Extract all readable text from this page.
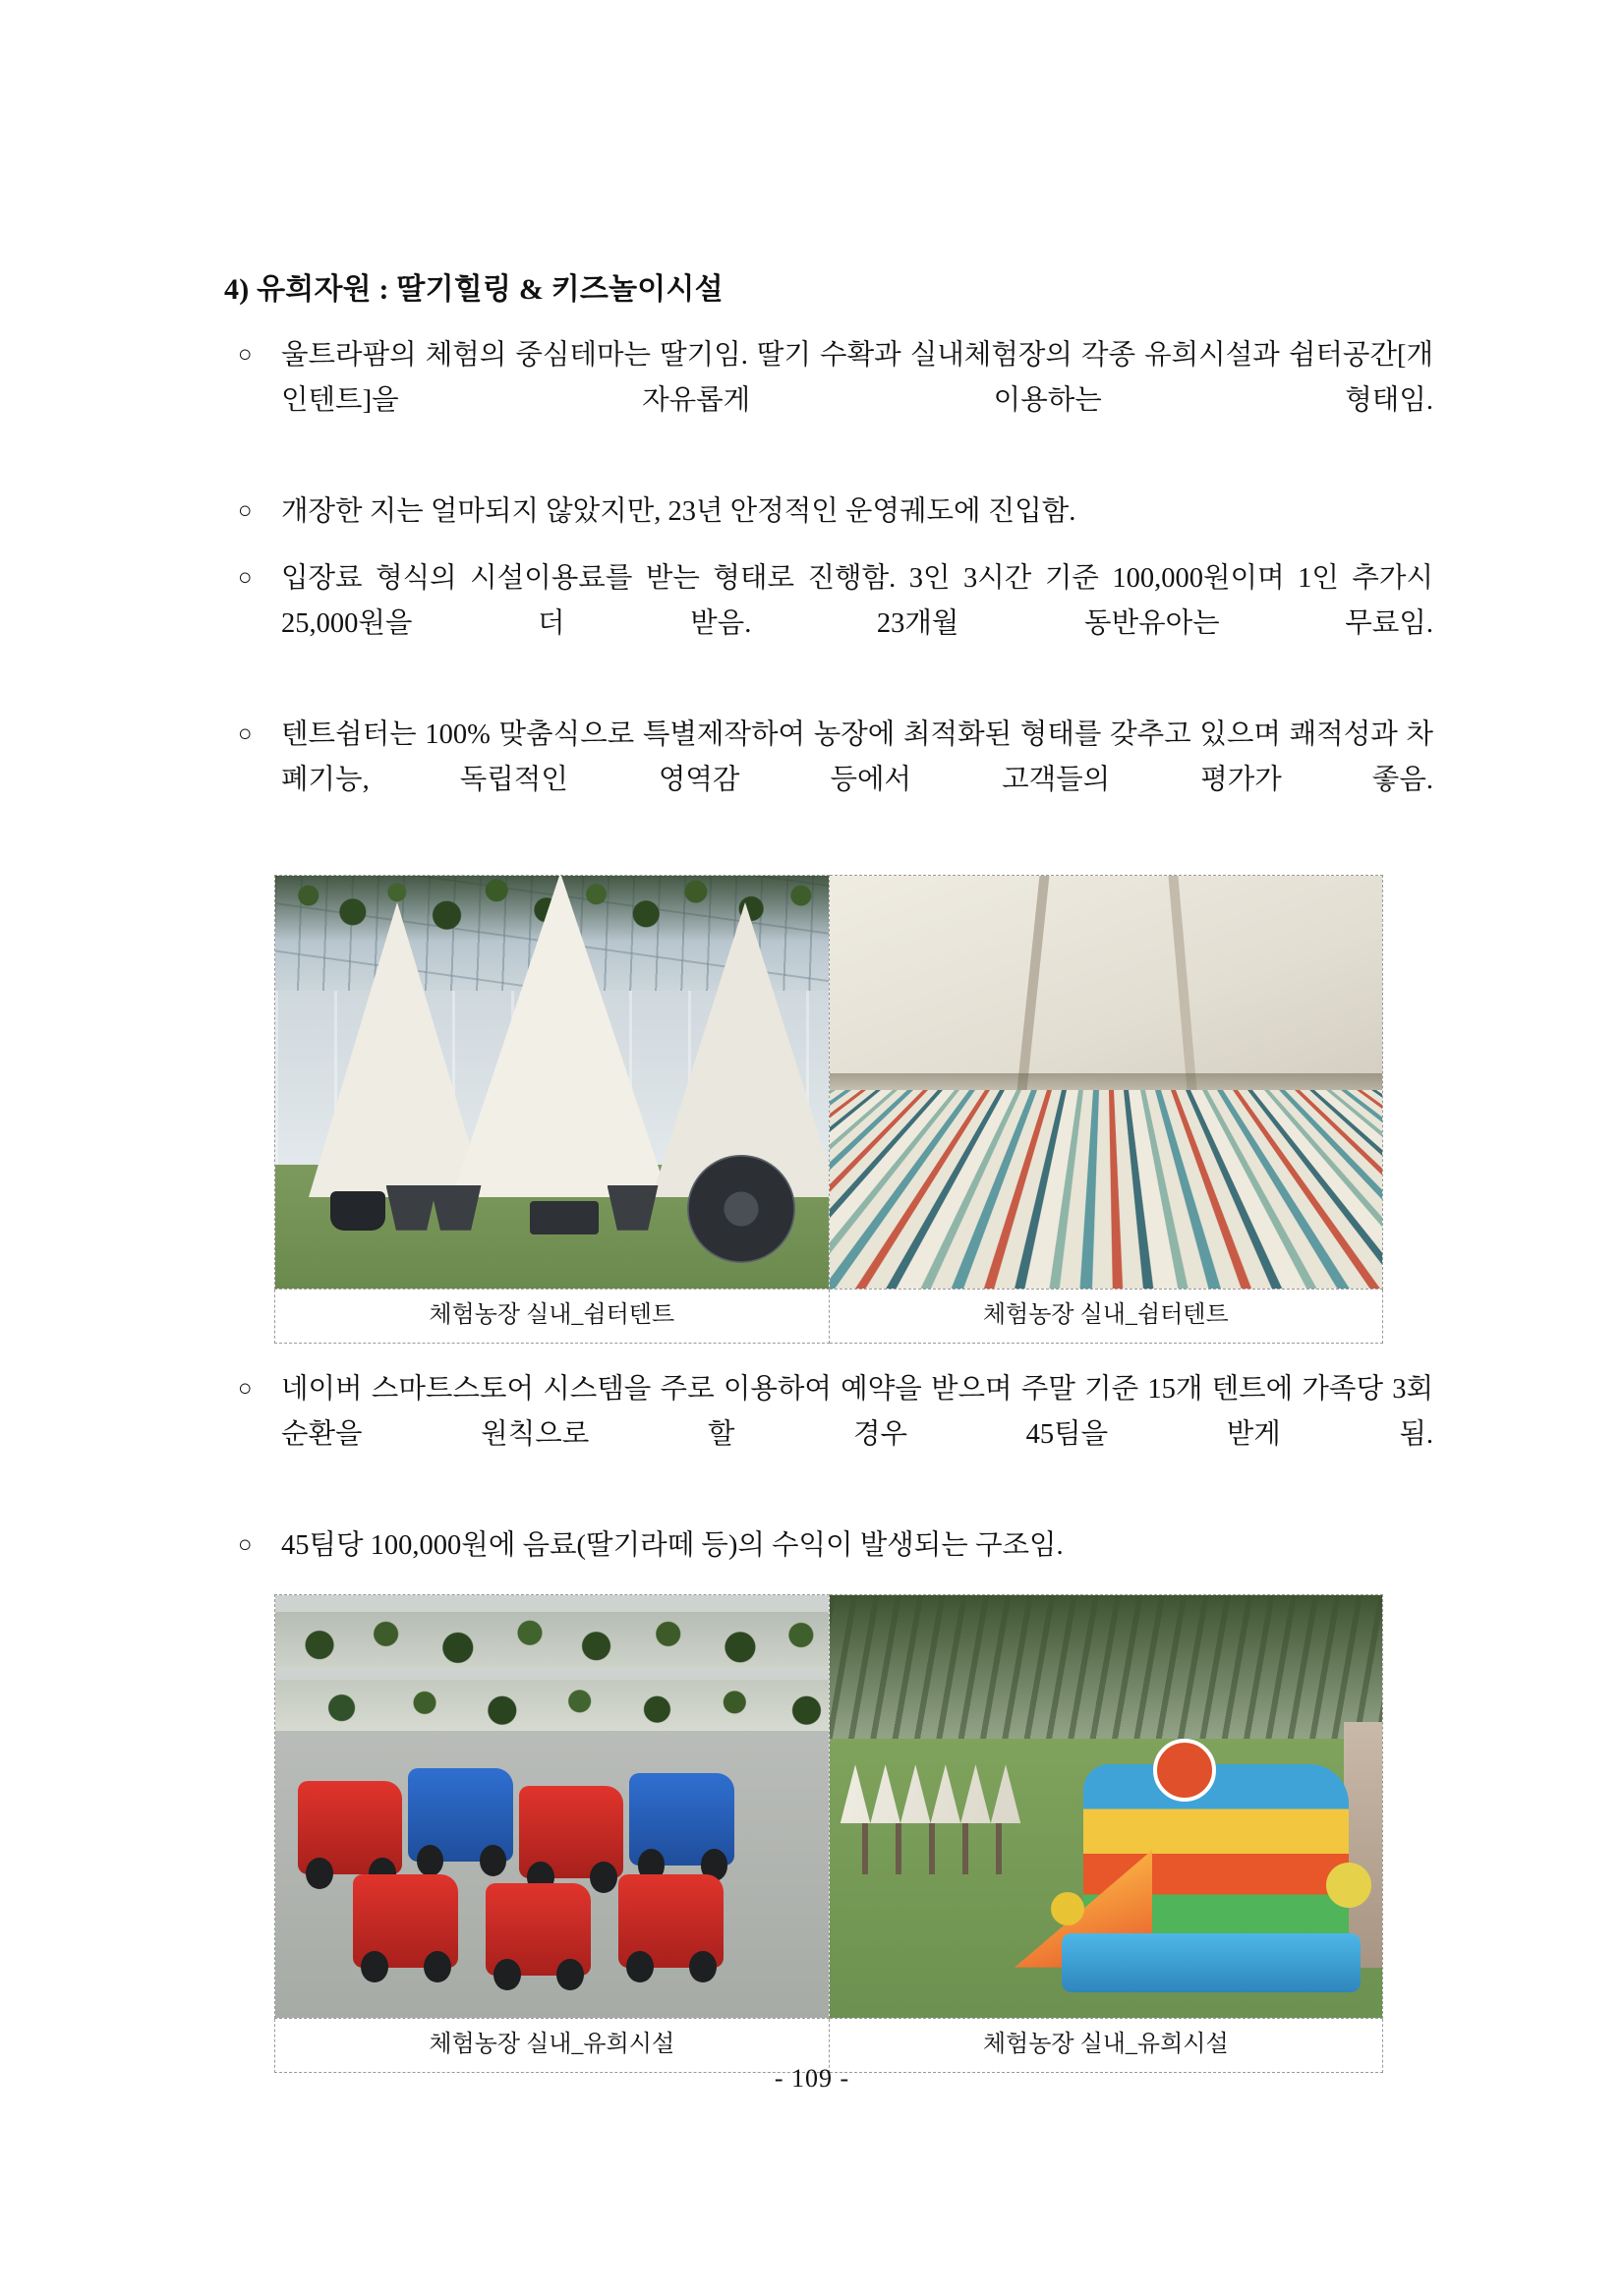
4) 유희자원 : 딸기힐링 & 키즈놀이시설
○ 울트라팜의 체험의 중심테마는 딸기임. 딸기 수확과 실내체험장의 각종 유희시설과 쉼터공간[개인텐트]을 자유롭게 이용하는 형태임.
○ 개장한 지는 얼마되지 않았지만, 23년 안정적인 운영궤도에 진입함.
○ 입장료 형식의 시설이용료를 받는 형태로 진행함. 3인 3시간 기준 100,000원이며 1인 추가시 25,000원을 더 받음. 23개월 동반유아는 무료임.
○ 텐트쉼터는 100% 맞춤식으로 특별제작하여 농장에 최적화된 형태를 갖추고 있으며 쾌적성과 차폐기능, 독립적인 영역감 등에서 고객들의 평가가 좋음.

체험농장 실내_쉼터텐트	체험농장 실내_쉼터텐트
○ 네이버 스마트스토어 시스템을 주로 이용하여 예약을 받으며 주말 기준 15개 텐트에 가족당 3회 순환을 원칙으로 할 경우 45팀을 받게 됨.
○ 45팀당 100,000원에 음료(딸기라떼 등)의 수익이 발생되는 구조임.

체험농장 실내_유희시설	체험농장 실내_유희시설
- 109 -
